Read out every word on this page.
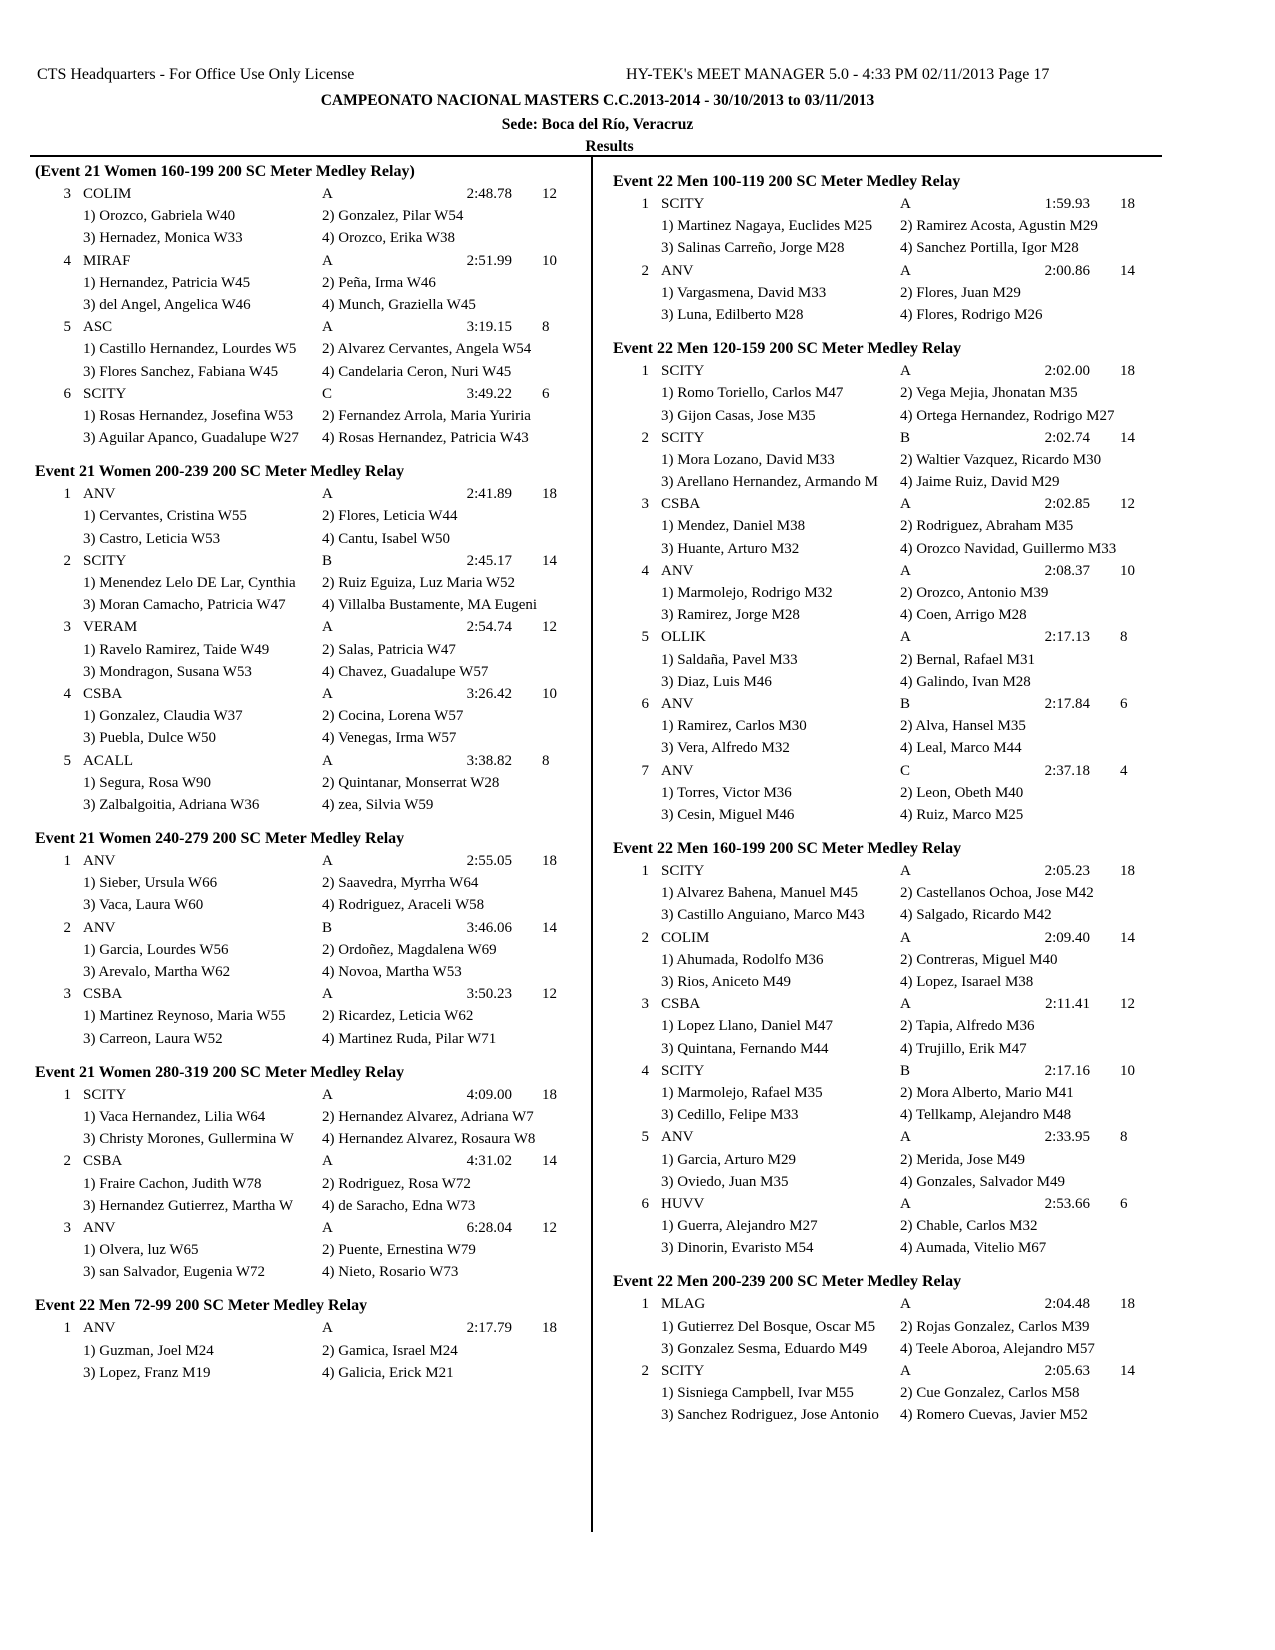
CTS Headquarters - For Office Use Only License	HY-TEK's MEET MANAGER 5.0 - 4:33 PM 02/11/2013 Page 17
CAMPEONATO NACIONAL MASTERS C.C.2013-2014 - 30/10/2013 to 03/11/2013
Sede: Boca del Río, Veracruz
Results
(Event 21 Women 160-199 200 SC Meter Medley Relay)
3 COLIM	A	2:48.78 12
1) Orozco, Gabriela W40	2) Gonzalez, Pilar W54
3) Hernadez, Monica W33	4) Orozco, Erika W38
4 MIRAF	A	2:51.99 10
1) Hernandez, Patricia W45	2) Peña, Irma W46
3) del Angel, Angelica W46	4) Munch, Graziella W45
5 ASC	A	3:19.15 8
1) Castillo Hernandez, Lourdes W5	2) Alvarez Cervantes, Angela W54
3) Flores Sanchez, Fabiana W45	4) Candelaria Ceron, Nuri W45
6 SCITY	C	3:49.22 6
1) Rosas Hernandez, Josefina W53	2) Fernandez Arrola, Maria Yuriria
3) Aguilar Apanco, Guadalupe W27	4) Rosas Hernandez, Patricia W43
Event 21 Women 200-239 200 SC Meter Medley Relay
1 ANV	A	2:41.89 18
1) Cervantes, Cristina W55	2) Flores, Leticia W44
3) Castro, Leticia W53	4) Cantu, Isabel W50
2 SCITY	B	2:45.17 14
1) Menendez Lelo DE Lar, Cynthia	2) Ruiz Eguiza, Luz Maria W52
3) Moran Camacho, Patricia W47	4) Villalba Bustamente, MA Eugeni
3 VERAM	A	2:54.74 12
1) Ravelo Ramirez, Taide W49	2) Salas, Patricia W47
3) Mondragon, Susana W53	4) Chavez, Guadalupe W57
4 CSBA	A	3:26.42 10
1) Gonzalez, Claudia W37	2) Cocina, Lorena W57
3) Puebla, Dulce W50	4) Venegas, Irma W57
5 ACALL	A	3:38.82 8
1) Segura, Rosa W90	2) Quintanar, Monserrat W28
3) Zalbalgoitia, Adriana W36	4) zea, Silvia W59
Event 21 Women 240-279 200 SC Meter Medley Relay
1 ANV	A	2:55.05 18
1) Sieber, Ursula W66	2) Saavedra, Myrrha W64
3) Vaca, Laura W60	4) Rodriguez, Araceli W58
2 ANV	B	3:46.06 14
1) Garcia, Lourdes W56	2) Ordoñez, Magdalena W69
3) Arevalo, Martha W62	4) Novoa, Martha W53
3 CSBA	A	3:50.23 12
1) Martinez Reynoso, Maria W55	2) Ricardez, Leticia W62
3) Carreon, Laura W52	4) Martinez Ruda, Pilar W71
Event 21 Women 280-319 200 SC Meter Medley Relay
1 SCITY	A	4:09.00 18
1) Vaca Hernandez, Lilia W64	2) Hernandez Alvarez, Adriana W7
3) Christy Morones, Gullermina W	4) Hernandez Alvarez, Rosaura W8
2 CSBA	A	4:31.02 14
1) Fraire Cachon, Judith W78	2) Rodriguez, Rosa W72
3) Hernandez Gutierrez, Martha W	4) de Saracho, Edna W73
3 ANV	A	6:28.04 12
1) Olvera, luz W65	2) Puente, Ernestina W79
3) san Salvador, Eugenia W72	4) Nieto, Rosario W73
Event 22 Men 72-99 200 SC Meter Medley Relay
1 ANV	A	2:17.79 18
1) Guzman, Joel M24	2) Gamica, Israel M24
3) Lopez, Franz M19	4) Galicia, Erick M21
Event 22 Men 100-119 200 SC Meter Medley Relay
1 SCITY	A	1:59.93 18
1) Martinez Nagaya, Euclides M25	2) Ramirez Acosta, Agustin M29
3) Salinas Carreño, Jorge M28	4) Sanchez Portilla, Igor M28
2 ANV	A	2:00.86 14
1) Vargasmena, David M33	2) Flores, Juan M29
3) Luna, Edilberto M28	4) Flores, Rodrigo M26
Event 22 Men 120-159 200 SC Meter Medley Relay
1 SCITY	A	2:02.00 18
1) Romo Toriello, Carlos M47	2) Vega Mejia, Jhonatan M35
3) Gijon Casas, Jose M35	4) Ortega Hernandez, Rodrigo M27
2 SCITY	B	2:02.74 14
1) Mora Lozano, David M33	2) Waltier Vazquez, Ricardo M30
3) Arellano Hernandez, Armando M	4) Jaime Ruiz, David M29
3 CSBA	A	2:02.85 12
1) Mendez, Daniel M38	2) Rodriguez, Abraham M35
3) Huante, Arturo M32	4) Orozco Navidad, Guillermo M33
4 ANV	A	2:08.37 10
1) Marmolejo, Rodrigo M32	2) Orozco, Antonio M39
3) Ramirez, Jorge M28	4) Coen, Arrigo M28
5 OLLIK	A	2:17.13 8
1) Saldaña, Pavel M33	2) Bernal, Rafael M31
3) Diaz, Luis M46	4) Galindo, Ivan M28
6 ANV	B	2:17.84 6
1) Ramirez, Carlos M30	2) Alva, Hansel M35
3) Vera, Alfredo M32	4) Leal, Marco M44
7 ANV	C	2:37.18 4
1) Torres, Victor M36	2) Leon, Obeth M40
3) Cesin, Miguel M46	4) Ruiz, Marco M25
Event 22 Men 160-199 200 SC Meter Medley Relay
1 SCITY	A	2:05.23 18
1) Alvarez Bahena, Manuel M45	2) Castellanos Ochoa, Jose M42
3) Castillo Anguiano, Marco M43	4) Salgado, Ricardo M42
2 COLIM	A	2:09.40 14
1) Ahumada, Rodolfo M36	2) Contreras, Miguel M40
3) Rios, Aniceto M49	4) Lopez, Isarael M38
3 CSBA	A	2:11.41 12
1) Lopez Llano, Daniel M47	2) Tapia, Alfredo M36
3) Quintana, Fernando M44	4) Trujillo, Erik M47
4 SCITY	B	2:17.16 10
1) Marmolejo, Rafael M35	2) Mora Alberto, Mario M41
3) Cedillo, Felipe M33	4) Tellkamp, Alejandro M48
5 ANV	A	2:33.95 8
1) Garcia, Arturo M29	2) Merida, Jose M49
3) Oviedo, Juan M35	4) Gonzales, Salvador M49
6 HUVV	A	2:53.66 6
1) Guerra, Alejandro M27	2) Chable, Carlos M32
3) Dinorin, Evaristo M54	4) Aumada, Vitelio M67
Event 22 Men 200-239 200 SC Meter Medley Relay
1 MLAG	A	2:04.48 18
1) Gutierrez Del Bosque, Oscar M5	2) Rojas Gonzalez, Carlos M39
3) Gonzalez Sesma, Eduardo M49	4) Teele Aboroa, Alejandro M57
2 SCITY	A	2:05.63 14
1) Sisniega Campbell, Ivar M55	2) Cue Gonzalez, Carlos M58
3) Sanchez Rodriguez, Jose Antonio	4) Romero Cuevas, Javier M52
